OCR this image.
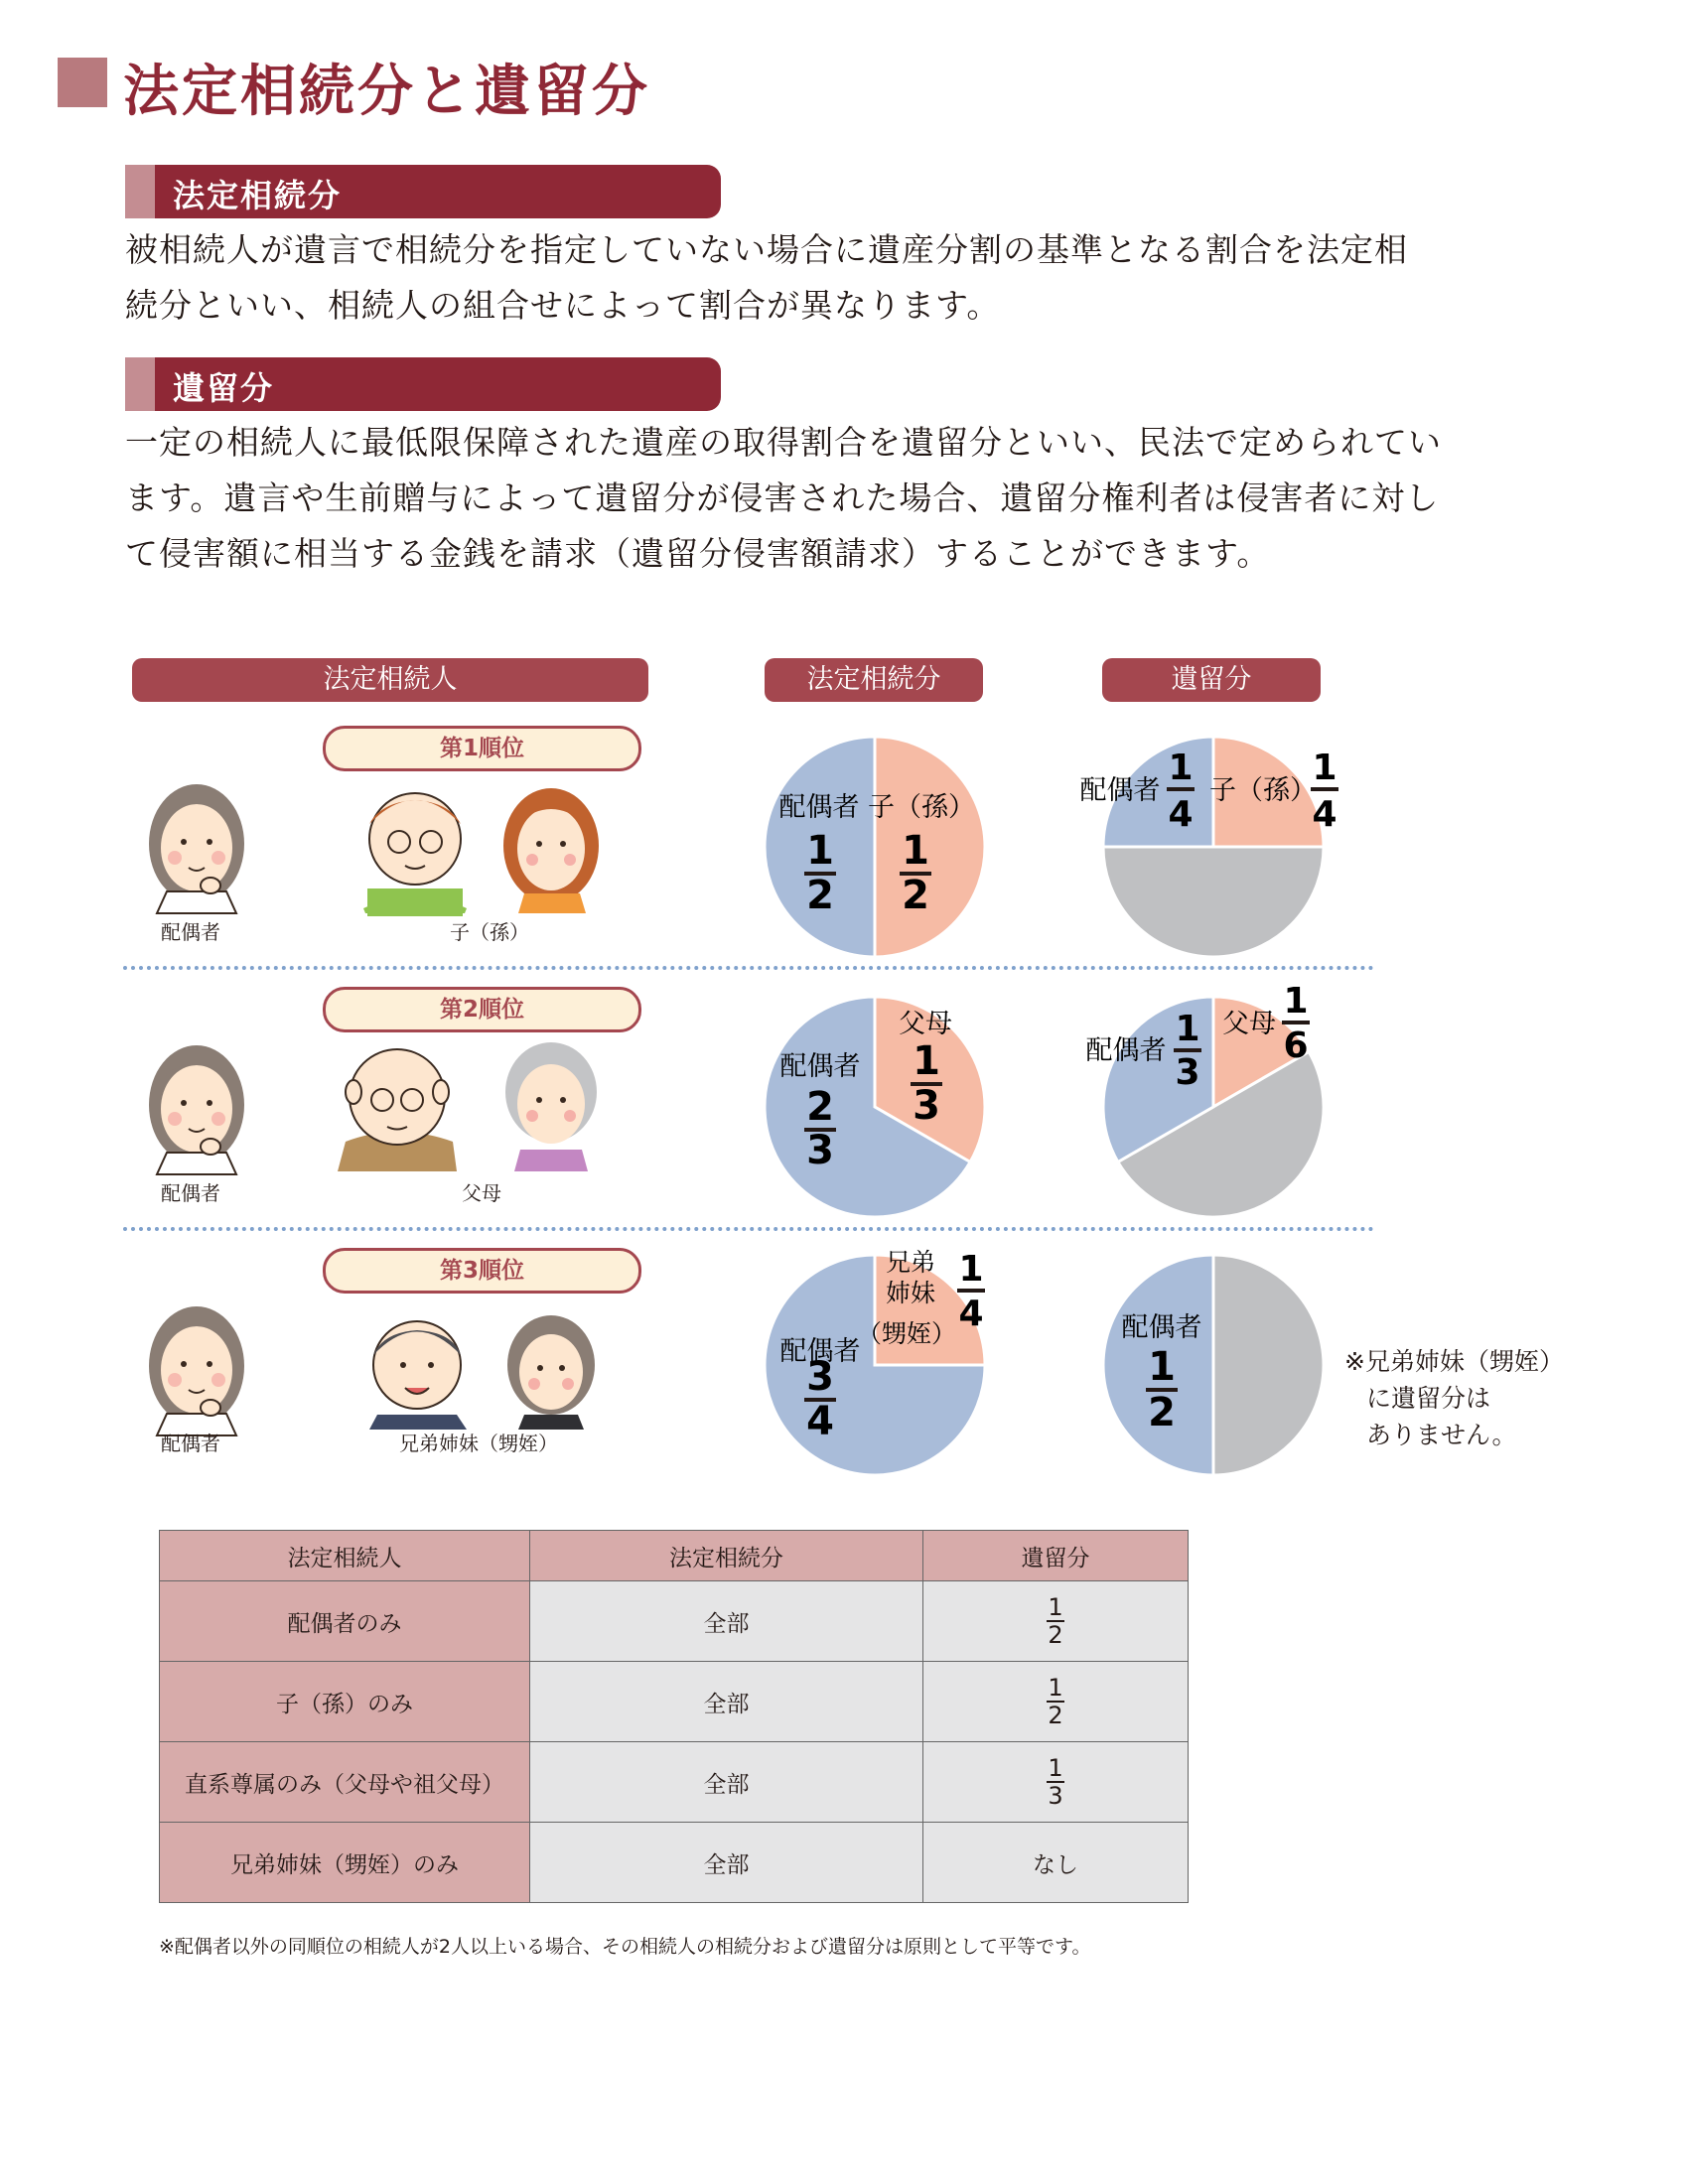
法定相続分と遺留分
法定相続分

被相続人が遺言で相続分を指定していない場合に遺産分割の基準となる割合を法定相

続分といい、相続人の組合せによって割合が異なります。

遺留分

一定の相続人に最低限保障された遺産の取得割合を遺留分といい、民法で定められてい

ます。遺言や生前贈与によって遺留分が侵害された場合、遺留分権利者は侵害者に対し

て侵害額に相当する金銭を請求（遺留分侵害額請求）することができます。

法定相続人	法定相続分	遺留分
第1順位
第2順位
第3順位
配偶者
1
2
子（孫）
1
2
配偶者
1
4
子（孫）
1
4
配偶者
2
3
父母
1
3
配偶者
1
3
父母
1
6
配偶者
3
4
兄弟
姉妹
（甥姪）
1
4	配偶者
1
2
配偶者	子（孫）
配偶者	父母
配偶者	兄弟姉妹（甥姪）
※兄弟姉妹（甥姪）
に遺留分は
ありません。
法定相続人	法定相続分	遺留分
配偶者のみ	全部	$\frac{1}{2}$

子（孫）のみ	全部	$\frac{1}{2}$

直系尊属のみ（父母や祖父母）	全部	$\frac{1}{3}$

兄弟姉妹（甥姪）のみ	全部	なし
※配偶者以外の同順位の相続人が2人以上いる場合、その相続人の相続分および遺留分は原則として平等です。
